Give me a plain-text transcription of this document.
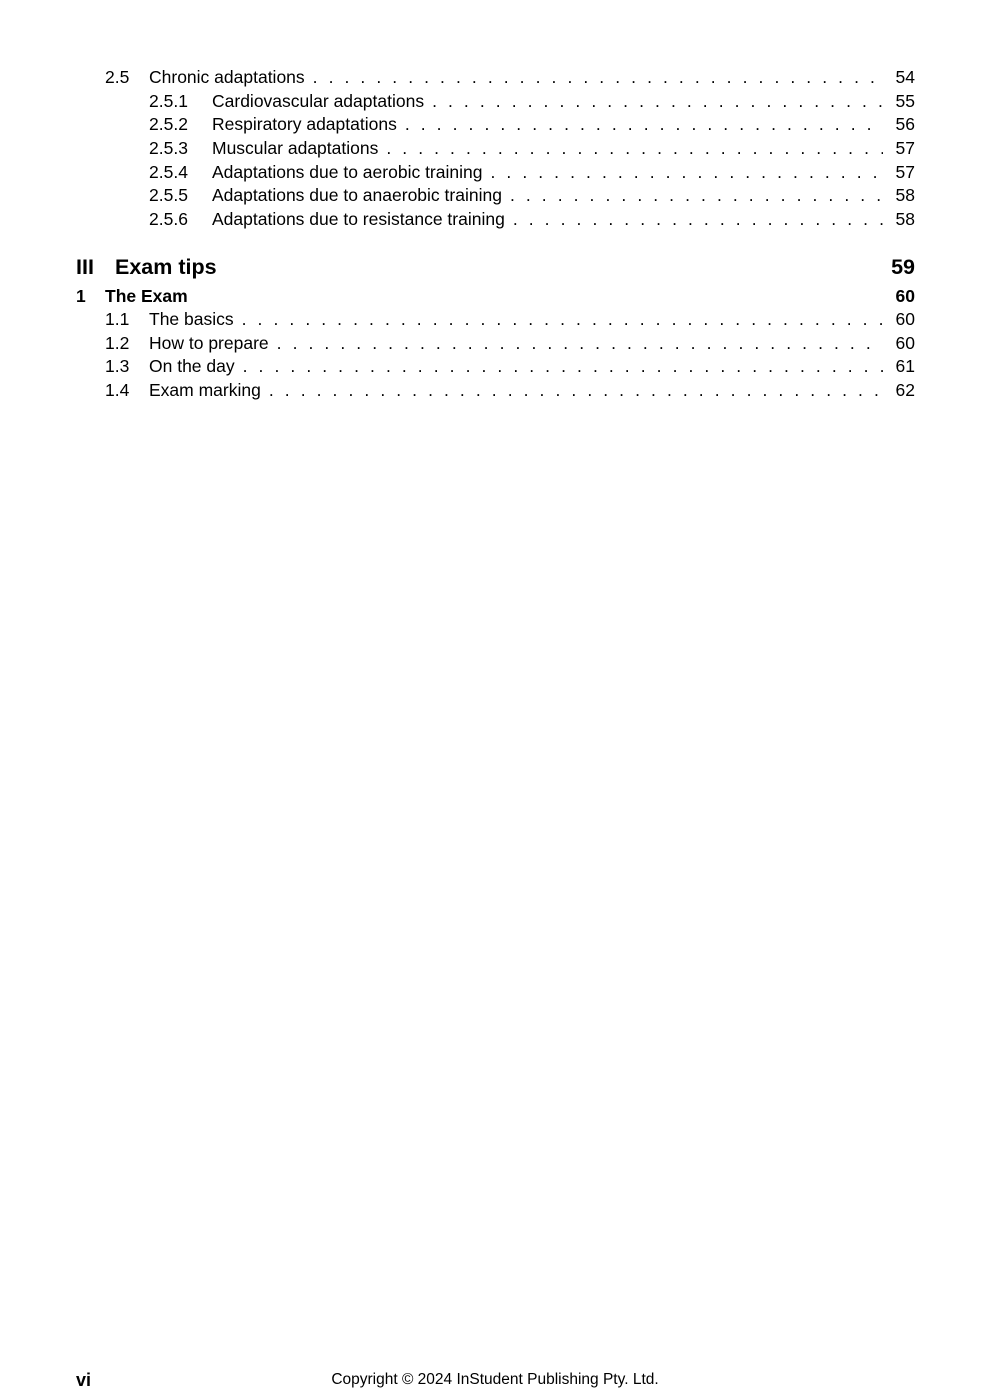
2.5	Chronic adaptations . . .	54
2.5.1	Cardiovascular adaptations . . .	55
2.5.2	Respiratory adaptations . . .	56
2.5.3	Muscular adaptations . . .	57
2.5.4	Adaptations due to aerobic training . . .	57
2.5.5	Adaptations due to anaerobic training . . .	58
2.5.6	Adaptations due to resistance training . . .	58
III Exam tips	59
1	The Exam	60
1.1	The basics . . .	60
1.2	How to prepare . . .	60
1.3	On the day . . .	61
1.4	Exam marking . . .	62
vi	Copyright © 2024 InStudent Publishing Pty. Ltd.
